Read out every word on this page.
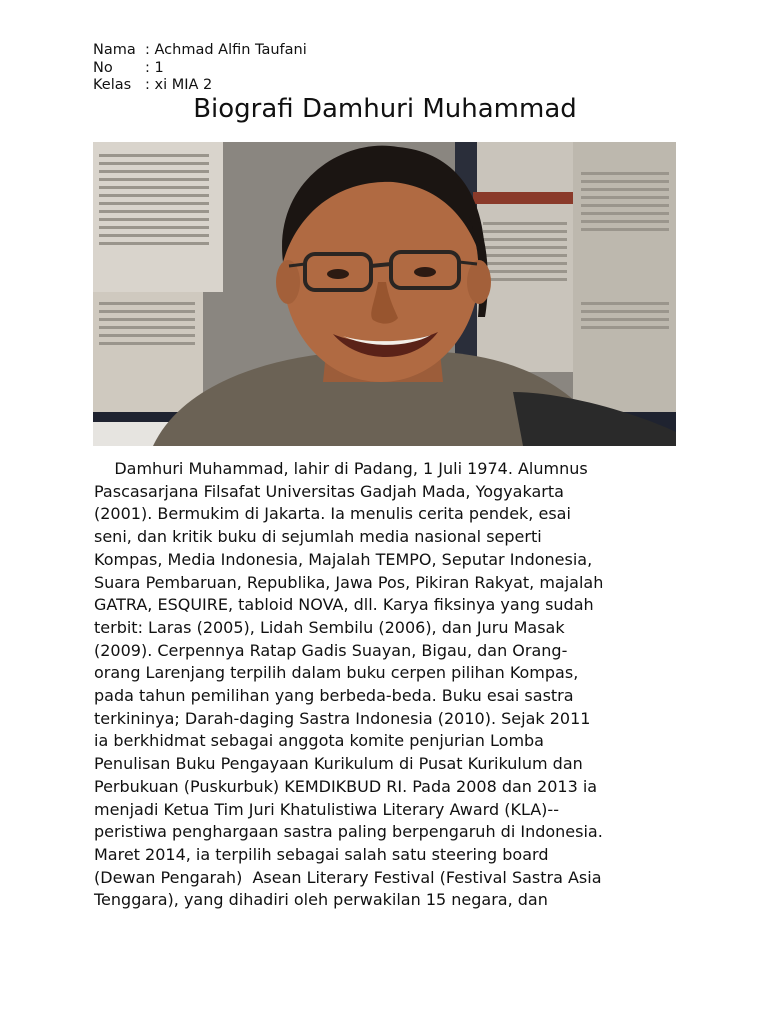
Nama : Achmad Alfin Taufani
No : 1
Kelas : xi MIA 2
Biografi Damhuri Muhammad
Damhuri Muhammad, lahir di Padang, 1 Juli 1974. Alumnus
Pascasarjana Filsafat Universitas Gadjah Mada, Yogyakarta
(2001). Bermukim di Jakarta. Ia menulis cerita pendek, esai
seni, dan kritik buku di sejumlah media nasional seperti
Kompas, Media Indonesia, Majalah TEMPO, Seputar Indonesia,
Suara Pembaruan, Republika, Jawa Pos, Pikiran Rakyat, majalah
GATRA, ESQUIRE, tabloid NOVA, dll. Karya fiksinya yang sudah
terbit: Laras (2005), Lidah Sembilu (2006), dan Juru Masak
(2009). Cerpennya Ratap Gadis Suayan, Bigau, dan Orang-
orang Larenjang terpilih dalam buku cerpen pilihan Kompas,
pada tahun pemilihan yang berbeda-beda. Buku esai sastra
terkininya; Darah-daging Sastra Indonesia (2010). Sejak 2011
ia berkhidmat sebagai anggota komite penjurian Lomba
Penulisan Buku Pengayaan Kurikulum di Pusat Kurikulum dan
Perbukuan (Puskurbuk) KEMDIKBUD RI. Pada 2008 dan 2013 ia
menjadi Ketua Tim Juri Khatulistiwa Literary Award (KLA)--
peristiwa penghargaan sastra paling berpengaruh di Indonesia.
Maret 2014, ia terpilih sebagai salah satu steering board
(Dewan Pengarah)  Asean Literary Festival (Festival Sastra Asia
Tenggara), yang dihadiri oleh perwakilan 15 negara, dan
